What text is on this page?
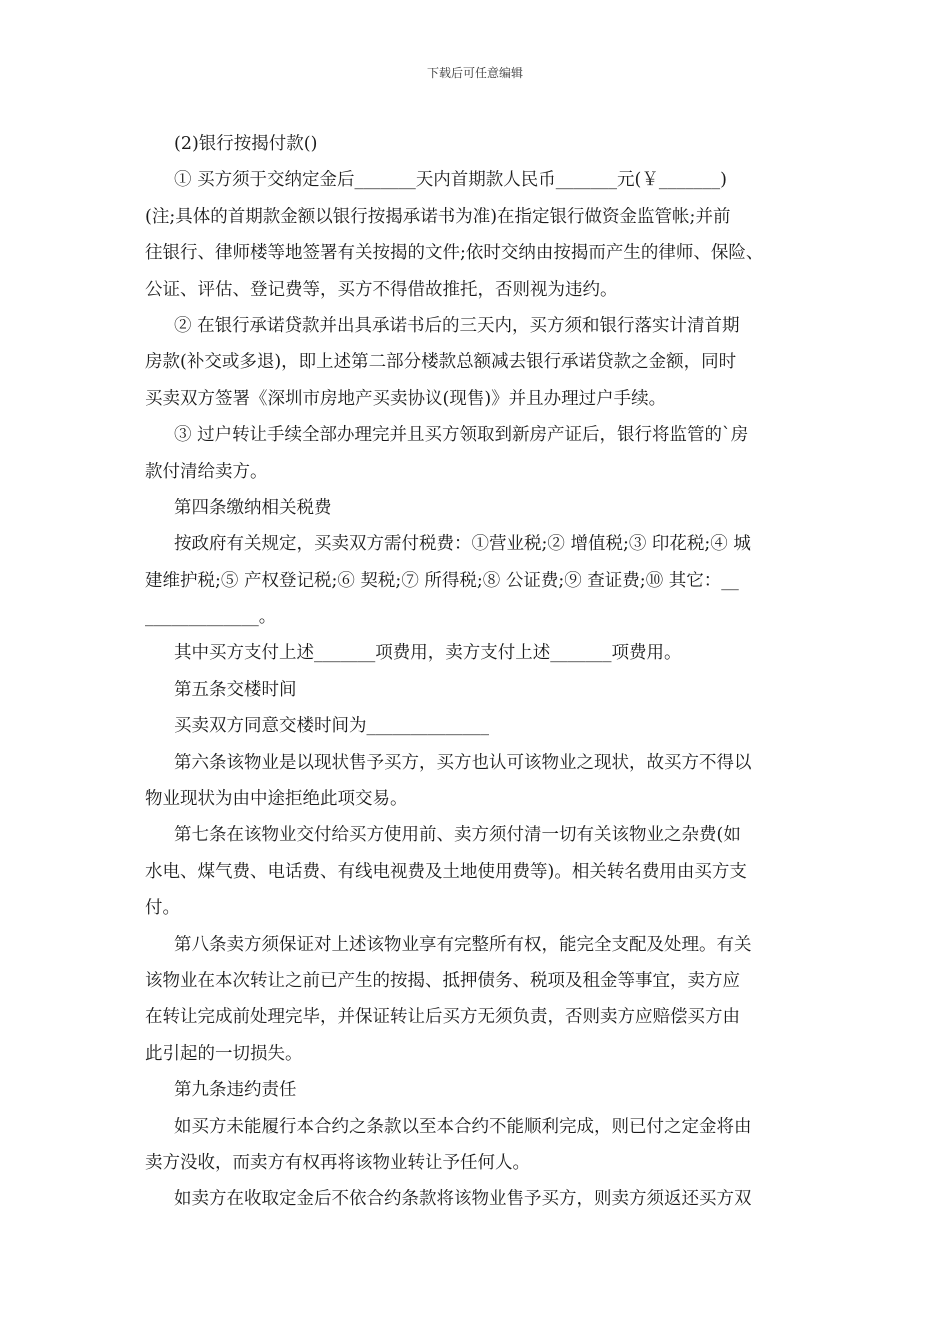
下载后可任意编辑
(2)银行按揭付款()
① 买方须于交纳定金后_______天内首期款人民币_______元(￥_______)
(注;具体的首期款金额以银行按揭承诺书为准)在指定银行做资金监管帐;并前
往银行、律师楼等地签署有关按揭的文件;依时交纳由按揭而产生的律师、保险、
公证、评估、登记费等，买方不得借故推托，否则视为违约。
② 在银行承诺贷款并出具承诺书后的三天内，买方须和银行落实计清首期
房款(补交或多退)，即上述第二部分楼款总额减去银行承诺贷款之金额，同时
买卖双方签署《深圳市房地产买卖协议(现售)》并且办理过户手续。
③ 过户转让手续全部办理完并且买方领取到新房产证后，银行将监管的`房
款付清给卖方。
第四条缴纳相关税费
按政府有关规定，买卖双方需付税费：①营业税;② 增值税;③ 印花税;④ 城
建维护税;⑤ 产权登记税;⑥ 契税;⑦ 所得税;⑧ 公证费;⑨ 查证费;⑩ 其它：__
_____________。
其中买方支付上述_______项费用，卖方支付上述_______项费用。
第五条交楼时间
买卖双方同意交楼时间为______________
第六条该物业是以现状售予买方，买方也认可该物业之现状，故买方不得以
物业现状为由中途拒绝此项交易。
第七条在该物业交付给买方使用前、卖方须付清一切有关该物业之杂费(如
水电、煤气费、电话费、有线电视费及土地使用费等)。相关转名费用由买方支
付。
第八条卖方须保证对上述该物业享有完整所有权，能完全支配及处理。有关
该物业在本次转让之前已产生的按揭、抵押债务、税项及租金等事宜，卖方应
在转让完成前处理完毕，并保证转让后买方无须负责，否则卖方应赔偿买方由
此引起的一切损失。
第九条违约责任
如买方未能履行本合约之条款以至本合约不能顺利完成，则已付之定金将由
卖方没收，而卖方有权再将该物业转让予任何人。
如卖方在收取定金后不依合约条款将该物业售予买方，则卖方须返还买方双
